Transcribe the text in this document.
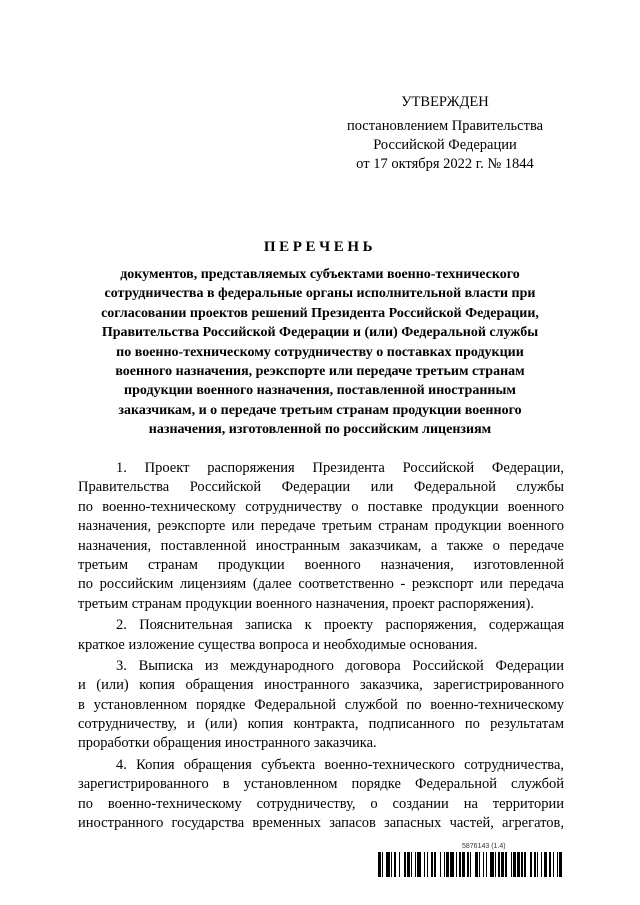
УТВЕРЖДЕН
постановлением Правительства
Российской Федерации
от 17 октября 2022 г. № 1844
ПЕРЕЧЕНЬ
документов, представляемых субъектами военно-технического
сотрудничества в федеральные органы исполнительной власти при
согласовании проектов решений Президента Российской Федерации,
Правительства Российской Федерации и (или) Федеральной службы
по военно-техническому сотрудничеству о поставках продукции
военного назначения, реэкспорте или передаче третьим странам
продукции военного назначения, поставленной иностранным
заказчикам, и о передаче третьим странам продукции военного
назначения, изготовленной по российским лицензиям
1. Проект распоряжения Президента Российской Федерации,
Правительства Российской Федерации или Федеральной службы
по военно-техническому сотрудничеству о поставке продукции военного
назначения, реэкспорте или передаче третьим странам продукции военного
назначения, поставленной иностранным заказчикам, а также о передаче
третьим странам продукции военного назначения, изготовленной
по российским лицензиям (далее соответственно - реэкспорт или передача
третьим странам продукции военного назначения, проект распоряжения).
2. Пояснительная записка к проекту распоряжения, содержащая
краткое изложение существа вопроса и необходимые основания.
3. Выписка из международного договора Российской Федерации
и (или) копия обращения иностранного заказчика, зарегистрированного
в установленном порядке Федеральной службой по военно-техническому
сотрудничеству, и (или) копия контракта, подписанного по результатам
проработки обращения иностранного заказчика.
4. Копия обращения субъекта военно-технического сотрудничества,
зарегистрированного в установленном порядке Федеральной службой
по военно-техническому сотрудничеству, о создании на территории
иностранного государства временных запасов запасных частей, агрегатов,
5876143 (1.4)
